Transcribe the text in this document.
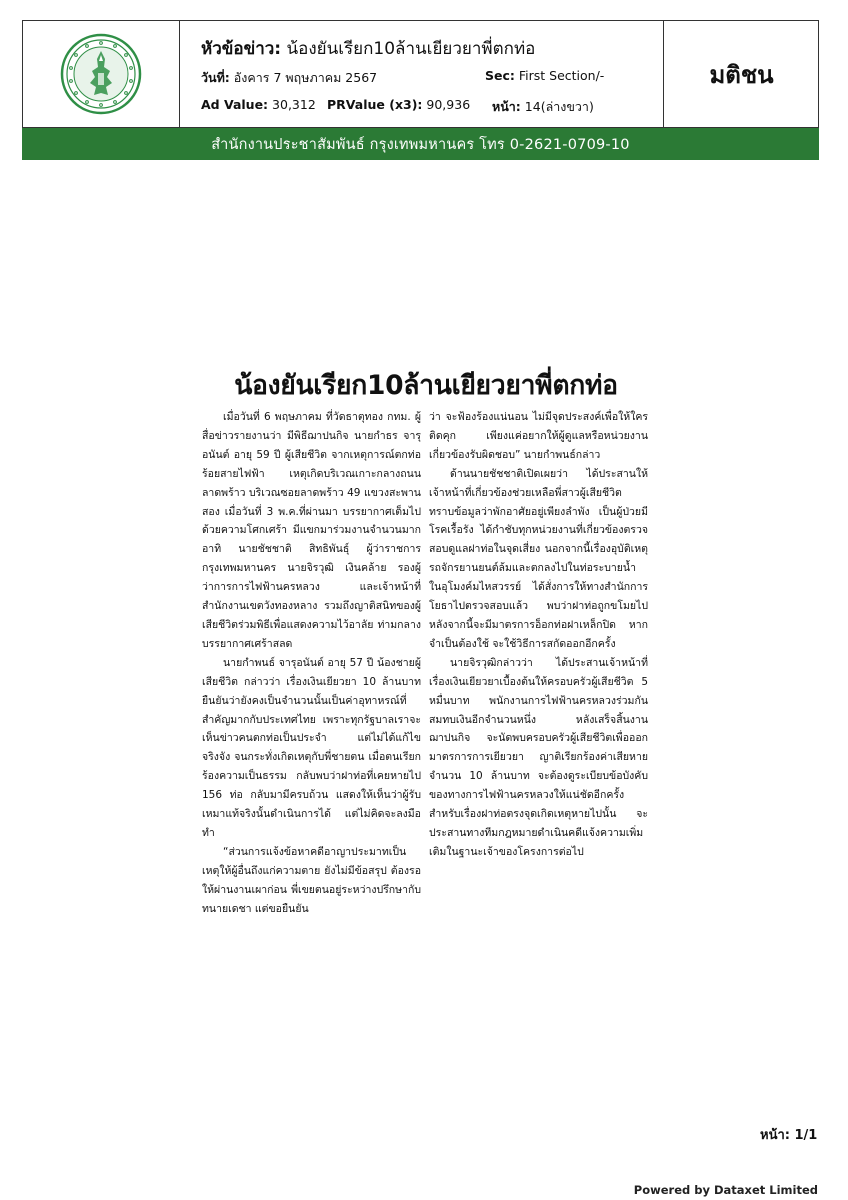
หัวข้อข่าว: น้องยันเรียก10ล้านเยียวยาพี่ตกท่อ
วันที่: อังคาร 7 พฤษภาคม 2567	Sec: First Section/-
Ad Value: 30,312 PRValue (x3): 90,936 หน้า: 14(ล่างขวา)
มติชน
สำนักงานประชาสัมพันธ์ กรุงเทพมหานคร โทร 0-2621-0709-10
น้องยันเรียก10ล้านเยียวยาพี่ตกท่อ

เมื่อวันที่ 6 พฤษภาคม ที่วัดธาตุทอง กทม. ผู้สื่อข่าวรายงานว่า มีพิธีฌาปนกิจ นายกำธร จารุอนันต์ อายุ 59 ปี ผู้เสียชีวิต จากเหตุการณ์ตกท่อร้อยสายไฟฟ้า เหตุเกิดบริเวณเกาะกลางถนนลาดพร้าว บริเวณซอยลาดพร้าว 49 แขวงสะพานสอง เมื่อวันที่ 3 พ.ค.ที่ผ่านมา บรรยากาศเต็มไปด้วยความโศกเศร้า มีแขกมาร่วมงานจำนวนมาก อาทิ นายชัชชาติ สิทธิพันธุ์ ผู้ว่าราชการกรุงเทพมหานคร นายจิรวุฒิ เงินคล้าย รองผู้ว่าการการไฟฟ้านครหลวง และเจ้าหน้าที่สำนักงานเขตวังทองหลาง รวมถึงญาติสนิทของผู้เสียชีวิตร่วมพิธีเพื่อแสดงความไว้อาลัย ท่ามกลางบรรยากาศเศร้าสลด

นายกำพนธ์ จารุอนันต์ อายุ 57 ปี น้องชายผู้เสียชีวิต กล่าวว่า เรื่องเงินเยียวยา 10 ล้านบาทยืนยันว่ายังคงเป็นจำนวนนั้นเป็นค่าอุทาหรณ์ที่สำคัญมากกับประเทศไทย เพราะทุกรัฐบาลเราจะเห็นข่าวคนตกท่อเป็นประจำ แต่ไม่ได้แก้ไขจริงจัง จนกระทั่งเกิดเหตุกับพี่ชายตน เมื่อตนเรียกร้องความเป็นธรรม กลับพบว่าฝาท่อที่เคยหายไป 156 ท่อ กลับมามีครบถ้วน แสดงให้เห็นว่าผู้รับเหมาแท้จริงนั้นดำเนินการได้ แต่ไม่คิดจะลงมือทำ

“ส่วนการแจ้งข้อหาคดีอาญาประมาทเป็นเหตุให้ผู้อื่นถึงแก่ความตาย ยังไม่มีข้อสรุป ต้องรอให้ผ่านงานเผาก่อน พี่เขยตนอยู่ระหว่างปรึกษากับทนายเดชา แต่ขอยืนยัน

ว่า จะฟ้องร้องแน่นอน ไม่มีจุดประสงค์เพื่อให้ใครติดคุก เพียงแค่อยากให้ผู้ดูแลหรือหน่วยงานเกี่ยวข้องรับผิดชอบ” นายกำพนธ์กล่าว

ด้านนายชัชชาติเปิดเผยว่า ได้ประสานให้เจ้าหน้าที่เกี่ยวข้องช่วยเหลือพี่สาวผู้เสียชีวิต ทราบข้อมูลว่าพักอาศัยอยู่เพียงลำพัง เป็นผู้ป่วยมีโรคเรื้อรัง ได้กำชับทุกหน่วยงานที่เกี่ยวข้องตรวจสอบดูแลฝาท่อในจุดเสี่ยง นอกจากนี้เรื่องอุบัติเหตุรถจักรยานยนต์ล้มและตกลงไปในท่อระบายน้ำในอุโมงค์มไหสวรรย์ ได้สั่งการให้ทางสำนักการโยธาไปตรวจสอบแล้ว พบว่าฝาท่อถูกขโมยไป หลังจากนี้จะมีมาตรการอ็อกท่อฝาเหล็กปิด หากจำเป็นต้องใช้ จะใช้วิธีการสกัดออกอีกครั้ง

นายจิรวุฒิกล่าวว่า ได้ประสานเจ้าหน้าที่เรื่องเงินเยียวยาเบื้องต้นให้ครอบครัวผู้เสียชีวิต 5 หมื่นบาท พนักงานการไฟฟ้านครหลวงร่วมกันสมทบเงินอีกจำนวนหนึ่ง หลังเสร็จสิ้นงานฌาปนกิจ จะนัดพบครอบครัวผู้เสียชีวิตเพื่อออกมาตรการการเยียวยา ญาติเรียกร้องค่าเสียหายจำนวน 10 ล้านบาท จะต้องดูระเบียบข้อบังคับของทางการไฟฟ้านครหลวงให้แน่ชัดอีกครั้ง สำหรับเรื่องฝาท่อตรงจุดเกิดเหตุหายไปนั้น จะประสานทางทีมกฎหมายดำเนินคดีแจ้งความเพิ่มเติมในฐานะเจ้าของโครงการต่อไป

หน้า: 1/1
Powered by Dataxet Limited
